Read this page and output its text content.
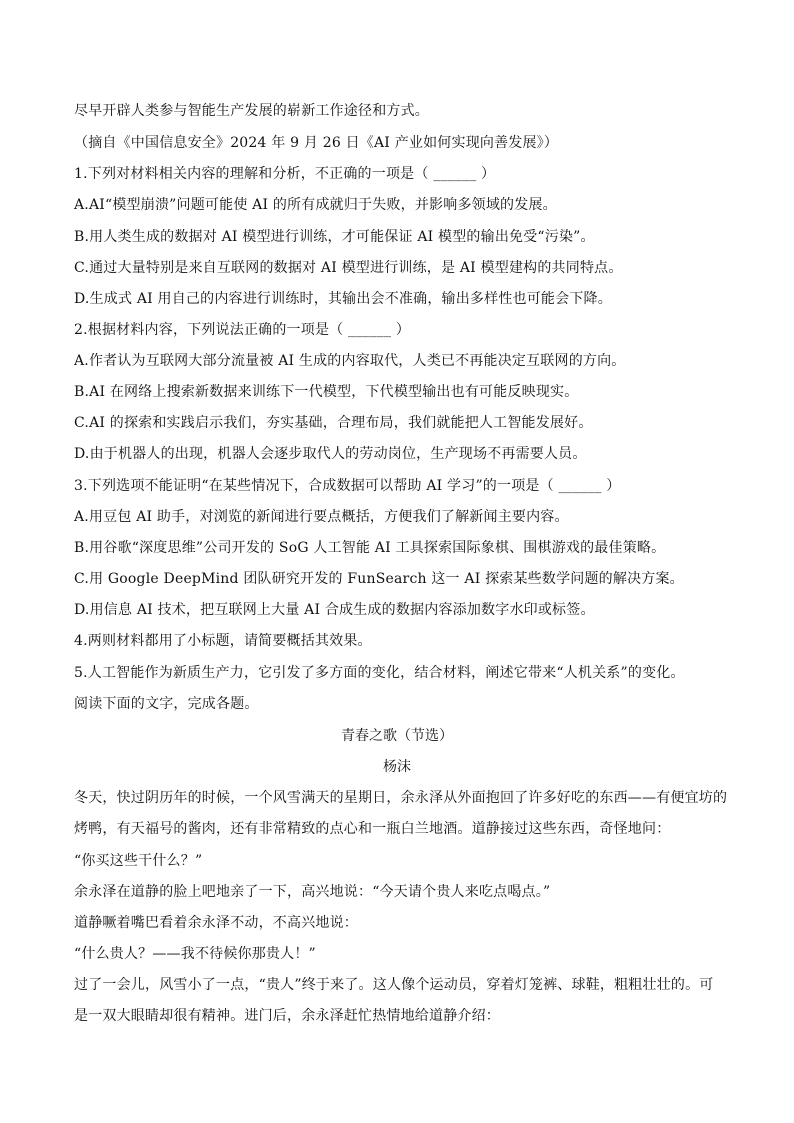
尽早开辟人类参与智能生产发展的崭新工作途径和方式。
（摘自《中国信息安全》2024 年 9 月 26 日《AI 产业如何实现向善发展》）
1.下列对材料相关内容的理解和分析，不正确的一项是（ ______ ）
A.AI“模型崩溃”问题可能使 AI 的所有成就归于失败，并影响多领域的发展。
B.用人类生成的数据对 AI 模型进行训练，才可能保证 AI 模型的输出免受“污染”。
C.通过大量特别是来自互联网的数据对 AI 模型进行训练，是 AI 模型建构的共同特点。
D.生成式 AI 用自己的内容进行训练时，其输出会不准确，输出多样性也可能会下降。
2.根据材料内容，下列说法正确的一项是（ ______ ）
A.作者认为互联网大部分流量被 AI 生成的内容取代，人类已不再能决定互联网的方向。
B.AI 在网络上搜索新数据来训练下一代模型，下代模型输出也有可能反映现实。
C.AI 的探索和实践启示我们，夯实基础，合理布局，我们就能把人工智能发展好。
D.由于机器人的出现，机器人会逐步取代人的劳动岗位，生产现场不再需要人员。
3.下列选项不能证明“在某些情况下，合成数据可以帮助 AI 学习”的一项是（ ______ ）
A.用豆包 AI 助手，对浏览的新闻进行要点概括，方便我们了解新闻主要内容。
B.用谷歌“深度思维”公司开发的 SoG 人工智能 AI 工具探索国际象棋、围棋游戏的最佳策略。
C.用 Google DeepMind 团队研究开发的 FunSearch 这一 AI 探索某些数学问题的解决方案。
D.用信息 AI 技术，把互联网上大量 AI 合成生成的数据内容添加数字水印或标签。
4.两则材料都用了小标题，请简要概括其效果。
5.人工智能作为新质生产力，它引发了多方面的变化，结合材料，阐述它带来“人机关系”的变化。
阅读下面的文字，完成各题。
青春之歌（节选）
杨沫
冬天，快过阴历年的时候，一个风雪满天的星期日，余永泽从外面抱回了许多好吃的东西——有便宜坊的
烤鸭，有天福号的酱肉，还有非常精致的点心和一瓶白兰地酒。道静接过这些东西，奇怪地问：
“你买这些干什么？”
余永泽在道静的脸上吧地亲了一下，高兴地说：“今天请个贵人来吃点喝点。”
道静噘着嘴巴看着余永泽不动，不高兴地说：
“什么贵人？——我不待候你那贵人！”
过了一会儿，风雪小了一点，“贵人”终于来了。这人像个运动员，穿着灯笼裤、球鞋，粗粗壮壮的。可
是一双大眼睛却很有精神。进门后，余永泽赶忙热情地给道静介绍：
